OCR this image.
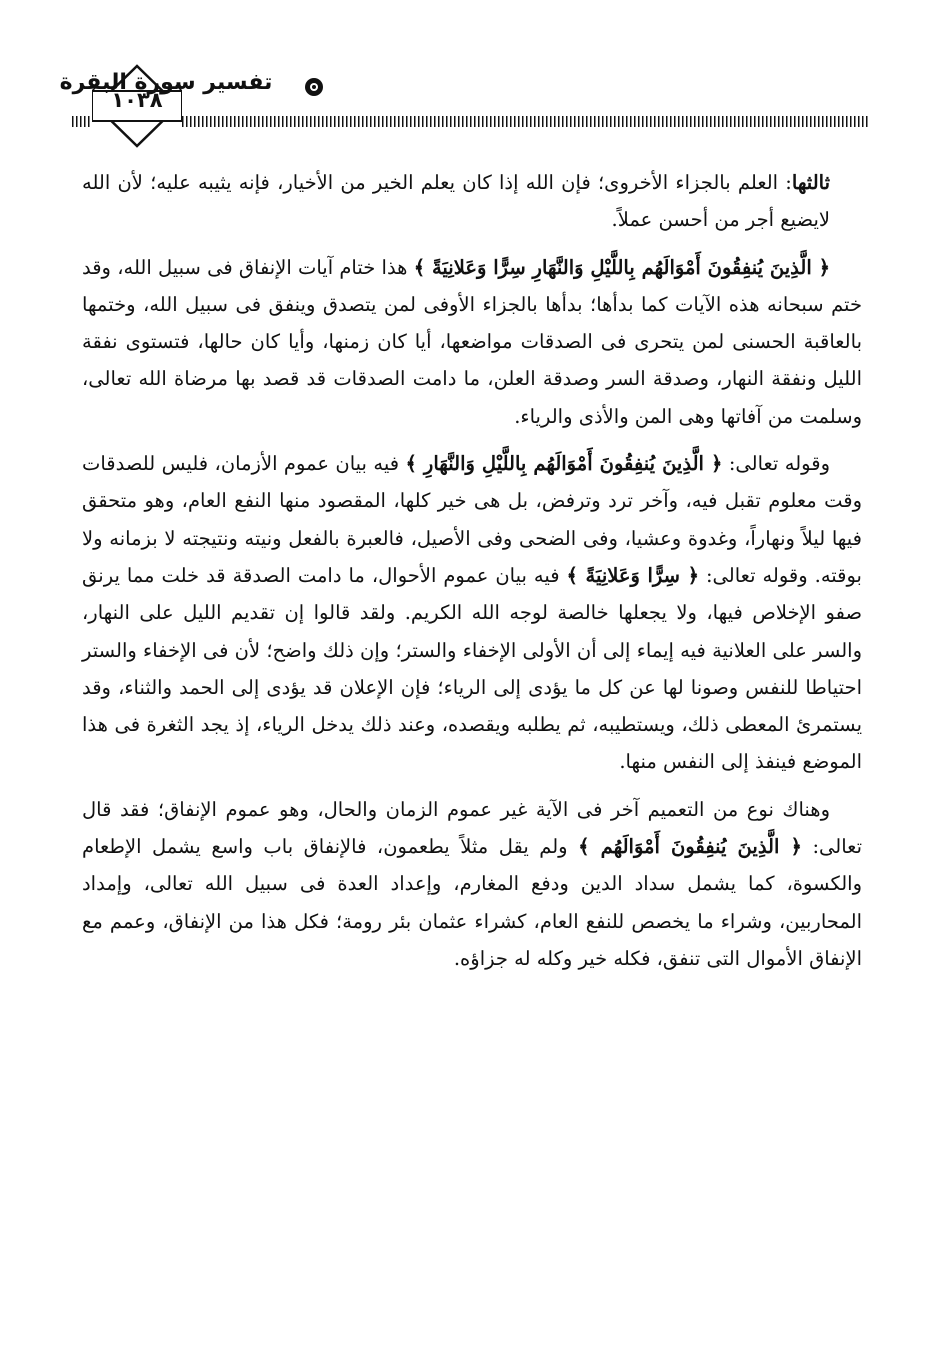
١٠٣٨
تفسير سورة البقرة

ثالثها: العلم بالجزاء الأخروى؛ فإن الله إذا كان يعلم الخير من الأخيار، فإنه يثيبه عليه؛ لأن الله لايضيع أجر من أحسن عملاً.

﴿ الَّذِينَ يُنفِقُونَ أَمْوَالَهُم بِاللَّيْلِ وَالنَّهَارِ سِرًّا وَعَلانِيَةً ﴾ هذا ختام آيات الإنفاق فى سبيل الله، وقد ختم سبحانه هذه الآيات كما بدأها؛ بدأها بالجزاء الأوفى لمن يتصدق وينفق فى سبيل الله، وختمها بالعاقبة الحسنى لمن يتحرى فى الصدقات مواضعها، أيا كان زمنها، وأيا كان حالها، فتستوى نفقة الليل ونفقة النهار، وصدقة السر وصدقة العلن، ما دامت الصدقات قد قصد بها مرضاة الله تعالى، وسلمت من آفاتها وهى المن والأذى والرياء.

وقوله تعالى: ﴿ الَّذِينَ يُنفِقُونَ أَمْوَالَهُم بِاللَّيْلِ وَالنَّهَارِ ﴾ فيه بيان عموم الأزمان، فليس للصدقات وقت معلوم تقبل فيه، وآخر ترد وترفض، بل هى خير كلها، المقصود منها النفع العام، وهو متحقق فيها ليلاً ونهاراً، وغدوة وعشيا، وفى الضحى وفى الأصيل، فالعبرة بالفعل ونيته ونتيجته لا بزمانه ولا بوقته. وقوله تعالى: ﴿ سِرًّا وَعَلانِيَةً ﴾ فيه بيان عموم الأحوال، ما دامت الصدقة قد خلت مما يرنق صفو الإخلاص فيها، ولا يجعلها خالصة لوجه الله الكريم. ولقد قالوا إن تقديم الليل على النهار، والسر على العلانية فيه إيماء إلى أن الأولى الإخفاء والستر؛ وإن ذلك واضح؛ لأن فى الإخفاء والستر احتياطا للنفس وصونا لها عن كل ما يؤدى إلى الرياء؛ فإن الإعلان قد يؤدى إلى الحمد والثناء، وقد يستمرئ المعطى ذلك، ويستطيبه، ثم يطلبه ويقصده، وعند ذلك يدخل الرياء، إذ يجد الثغرة فى هذا الموضع فينفذ إلى النفس منها.

وهناك نوع من التعميم آخر فى الآية غير عموم الزمان والحال، وهو عموم الإنفاق؛ فقد قال تعالى: ﴿ الَّذِينَ يُنفِقُونَ أَمْوَالَهُم ﴾ ولم يقل مثلاً يطعمون، فالإنفاق باب واسع يشمل الإطعام والكسوة، كما يشمل سداد الدين ودفع المغارم، وإعداد العدة فى سبيل الله تعالى، وإمداد المحاربين، وشراء ما يخصص للنفع العام، كشراء عثمان بئر رومة؛ فكل هذا من الإنفاق، وعمم مع الإنفاق الأموال التى تنفق، فكله خير وكله له جزاؤه.
